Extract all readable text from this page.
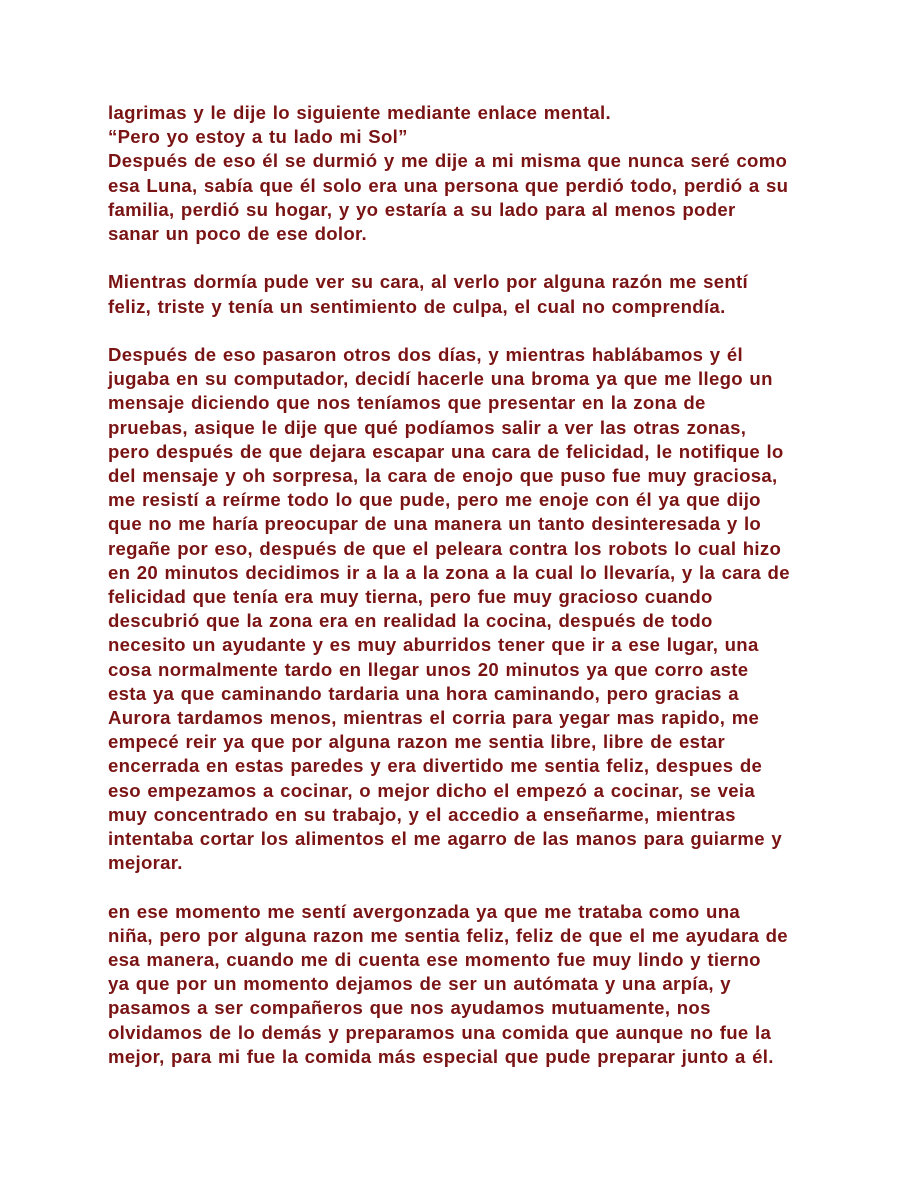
lagrimas y le dije lo siguiente mediante enlace mental.
“Pero yo estoy a tu lado mi Sol”
Después de eso él se durmió y me dije a mi misma que nunca seré como
esa Luna, sabía que él solo era una persona que perdió todo, perdió a su
familia, perdió su hogar, y yo estaría a su lado para al menos poder
sanar un poco de ese dolor.
Mientras dormía pude ver su cara, al verlo por alguna razón me sentí
feliz, triste y tenía un sentimiento de culpa, el cual no comprendía.
Después de eso pasaron otros dos días, y mientras hablábamos y él
jugaba en su computador, decidí hacerle una broma ya que me llego un
mensaje diciendo que nos teníamos que presentar en la zona de
pruebas, asique le dije que qué podíamos salir a ver las otras zonas,
pero después de que dejara escapar una cara de felicidad, le notifique lo
del mensaje y oh sorpresa, la cara de enojo que puso fue muy graciosa,
me resistí a reírme todo lo que pude, pero me enoje con él ya que dijo
que no me haría preocupar de una manera un tanto desinteresada y lo
regañe por eso, después de que el peleara contra los robots lo cual hizo
en 20 minutos decidimos ir a la a la zona a la cual lo llevaría, y la cara de
felicidad que tenía era muy tierna, pero fue muy gracioso cuando
descubrió que la zona era en realidad la cocina, después de todo
necesito un ayudante y es muy aburridos tener que ir a ese lugar, una
cosa normalmente tardo en llegar unos 20 minutos ya que corro aste
esta ya que caminando tardaria una hora caminando, pero gracias a
Aurora tardamos menos, mientras el corria para yegar mas rapido, me
empecé reir ya que por alguna razon me sentia libre, libre de estar
encerrada en estas paredes y era divertido me sentia feliz, despues de
eso empezamos a cocinar, o mejor dicho el empezó a cocinar, se veia
muy concentrado en su trabajo, y el accedio a enseñarme, mientras
intentaba cortar los alimentos el me agarro de las manos para guiarme y
mejorar.
en ese momento me sentí avergonzada ya que me trataba como una
niña, pero por alguna razon me sentia feliz, feliz de que el me ayudara de
esa manera, cuando me di cuenta ese momento fue muy lindo y tierno
ya que por un momento dejamos de ser un autómata y una arpía, y
pasamos a ser compañeros que nos ayudamos mutuamente, nos
olvidamos de lo demás y preparamos una comida que aunque no fue la
mejor, para mi fue la comida más especial que pude preparar junto a él.
